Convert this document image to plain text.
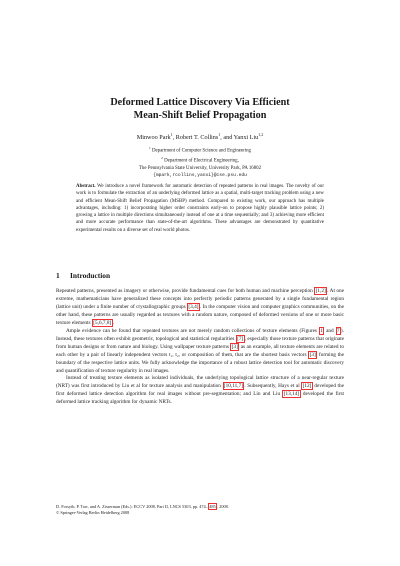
Deformed Lattice Discovery Via Efficient
Mean-Shift Belief Propagation
Minwoo Park$^1$, Robert T. Collins$^1$, and Yanxi Liu$^{1,2}$
$^1$ Department of Computer Science and Engineering
$^2$ Department of Electrical Engineering,
The Pennsylvania State University, University Park, PA 16802
{mpark,rcollins,yanxi}@cse.psu.edu
Abstract. We introduce a novel framework for automatic detection of repeated patterns in real images. The novelty of our work is to formulate the extraction of an underlying deformed lattice as a spatial, multi-target tracking problem using a new and efficient Mean-Shift Belief Propagation (MSBP) method. Compared to existing work, our approach has multiple advantages, including: 1) incorporating higher order constraints early-on to propose highly plausible lattice points; 2) growing a lattice in multiple directions simultaneously instead of one at a time sequentially; and 3) achieving more efficient and more accurate performance than state-of-the-art algorithms. These advantages are demonstrated by quantitative experimental results on a diverse set of real world photos.
1 Introduction

Repeated patterns, presented as imagery or otherwise, provide fundamental cues for both human and machine perception [1,2]. At one extreme, mathematicians have generalized these concepts into perfectly periodic patterns generated by a single fundamental region (lattice unit) under a finite number of crystallographic groups [3,4]. In the computer vision and computer graphics communities, on the other hand, these patterns are usually regarded as textures with a random nature, composed of deformed versions of one or more basic texture elements [5,6,7,8].

Ample evidence can be found that repeated textures are not merely random collections of texture elements (Figures 1 and 7). Instead, these textures often exhibit geometric, topological and statistical regularities [7], especially those texture patterns that originate from human designs or from nature and biology. Using wallpaper texture patterns [3] as an example, all texture elements are related to each other by a pair of linearly independent vectors t₁, t₂, or composition of them, that are the shortest basis vectors [3] forming the boundary of the respective lattice units. We fully acknowledge the importance of a robust lattice detection tool for automatic discovery and quantification of texture regularity in real images.

Instead of treating texture elements as isolated individuals, the underlying topological lattice structure of a near-regular texture (NRT) was first introduced by Liu et al for texture analysis and manipulation [10,11,7]. Subsequently, Hays et al [12] developed the first deformed lattice detection algorithm for real images without pre-segmentation; and Lin and Liu [13,14] developed the first deformed lattice tracking algorithm for dynamic NRTs.

D. Forsyth, P. Torr, and A. Zisserman (Eds.): ECCV 2008, Part II, LNCS 5303, pp. 474–485, 2008.
© Springer-Verlag Berlin Heidelberg 2008
